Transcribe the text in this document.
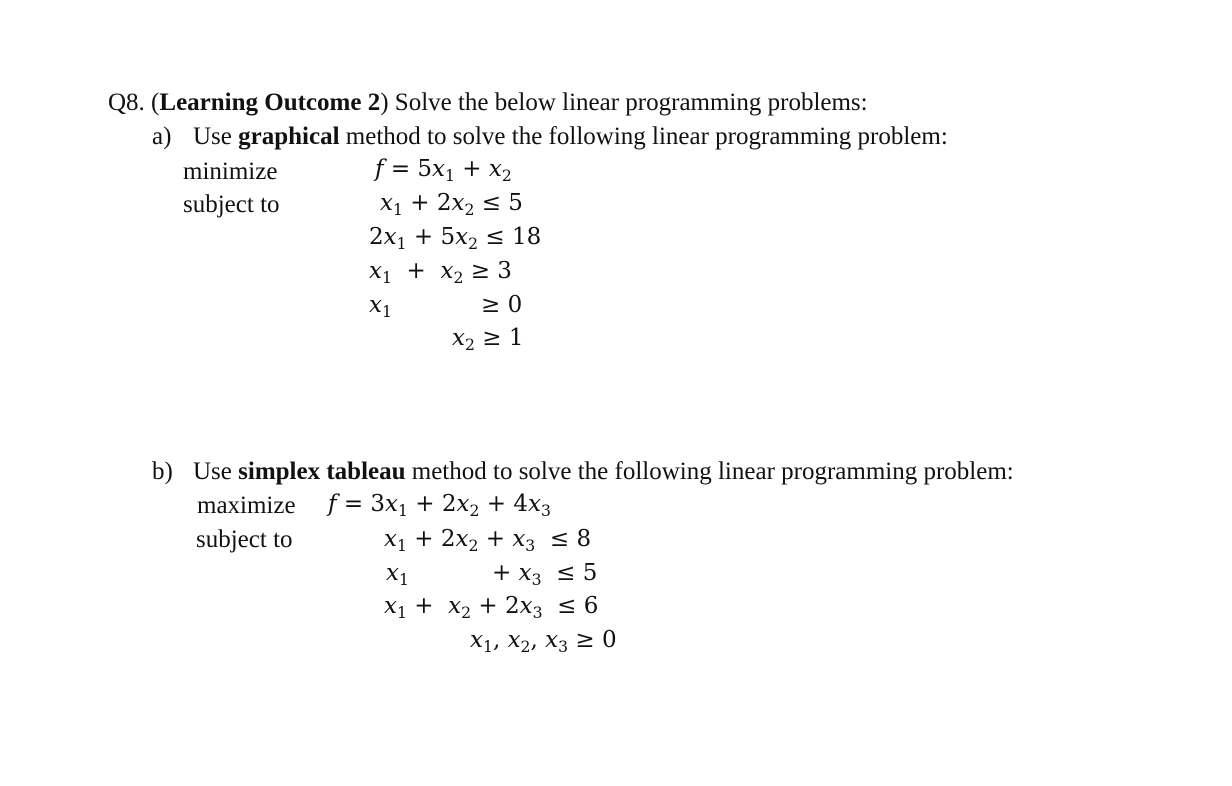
Q8. (Learning Outcome 2) Solve the below linear programming problems:
a) Use graphical method to solve the following linear programming problem:
minimize
subject to
$f = 5x_1 + x_2$
$x_1 + 2x_2 \le 5$
$2x_1 + 5x_2 \le 18$
$x_1 + x_2 \ge 3$
$x_1$	≥ 0
$x_2 \ge 1$
b) Use simplex tableau method to solve the following linear programming problem:
maximize
subject to
$f = 3x_1 + 2x_2 + 4x_3$
$x_1 + 2x_2 + x_3 \le 8$
$x_1$	+ $x_3 \le 5$
$x_1 + x_2 + 2x_3 \le 6$
$x_1$, $x_2$, $x_3 \ge 0$
